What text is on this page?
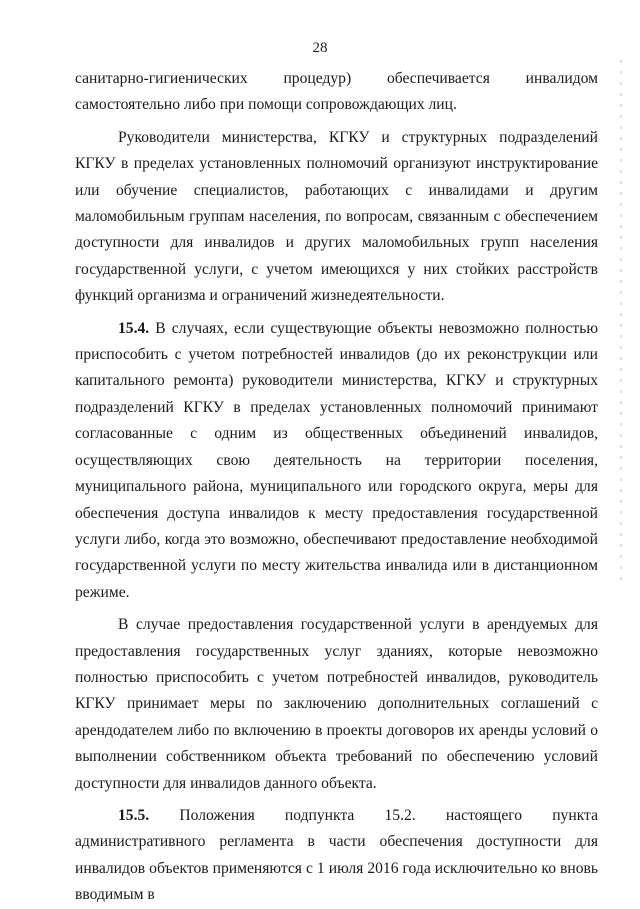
28

санитарно-гигиенических процедур) обеспечивается инвалидом самостоятельно либо при помощи сопровождающих лиц.

Руководители министерства, КГКУ и структурных подразделений КГКУ в пределах установленных полномочий организуют инструктирование или обучение специалистов, работающих с инвалидами и другим маломобильным группам населения, по вопросам, связанным с обеспечением доступности для инвалидов и других маломобильных групп населения государственной услуги, с учетом имеющихся у них стойких расстройств функций организма и ограничений жизнедеятельности.

15.4. В случаях, если существующие объекты невозможно полностью приспособить с учетом потребностей инвалидов (до их реконструкции или капитального ремонта) руководители министерства, КГКУ и структурных подразделений КГКУ в пределах установленных полномочий принимают согласованные с одним из общественных объединений инвалидов, осуществляющих свою деятельность на территории поселения, муниципального района, муниципального или городского округа, меры для обеспечения доступа инвалидов к месту предоставления государственной услуги либо, когда это возможно, обеспечивают предоставление необходимой государственной услуги по месту жительства инвалида или в дистанционном режиме.

В случае предоставления государственной услуги в арендуемых для предоставления государственных услуг зданиях, которые невозможно полностью приспособить с учетом потребностей инвалидов, руководитель КГКУ принимает меры по заключению дополнительных соглашений с арендодателем либо по включению в проекты договоров их аренды условий о выполнении собственником объекта требований по обеспечению условий доступности для инвалидов данного объекта.

15.5. Положения подпункта 15.2. настоящего пункта административного регламента в части обеспечения доступности для инвалидов объектов применяются с 1 июля 2016 года исключительно ко вновь вводимым в
